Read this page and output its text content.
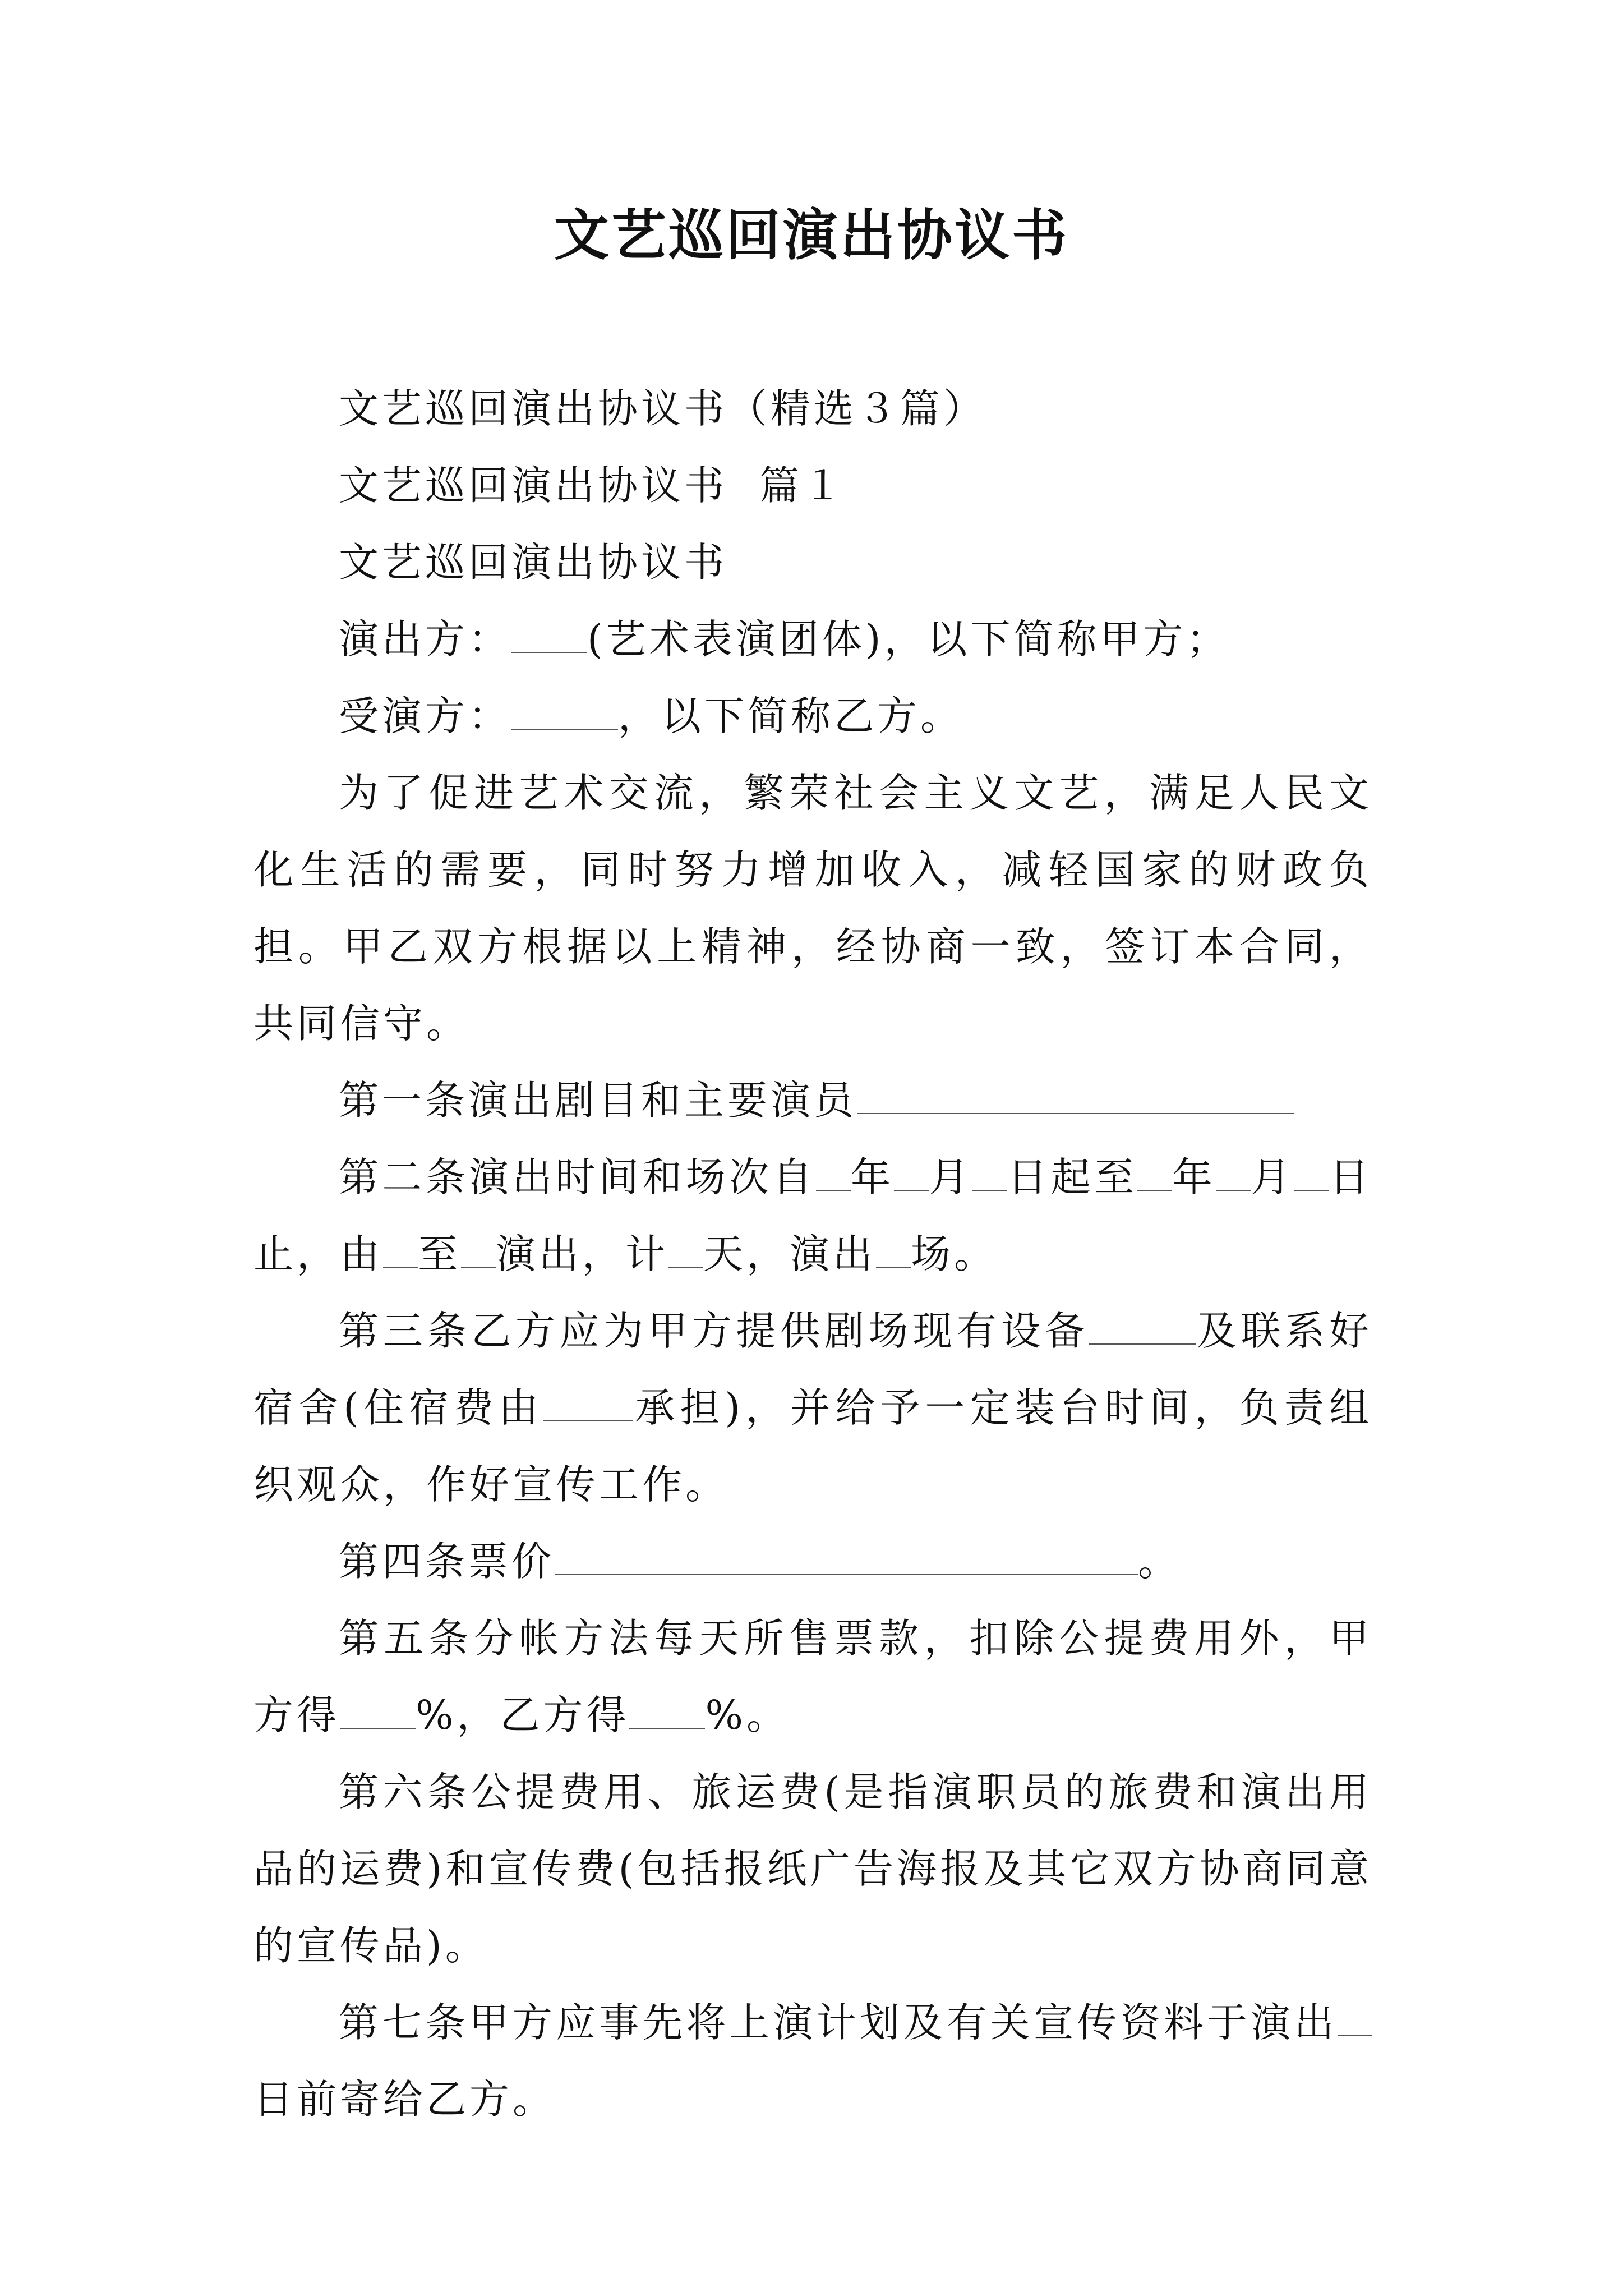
文艺巡回演出协议书

文艺巡回演出协议书（精选３篇）

文艺巡回演出协议书  篇１

文艺巡回演出协议书

演出方： (艺术表演团体)，以下简称甲方；

受演方：	，以下简称乙方。

为了促进艺术交流，繁荣社会主义文艺，满足人民文化生活的需要，同时努力增加收入，减轻国家的财政负担。甲乙双方根据以上精神，经协商一致，签订本合同，共同信守。

第一条演出剧目和主要演员

第二条演出时间和场次自 年 月 日起至 年 月 日止，由 至 演出，计 天，演出 场。

第三条乙方应为甲方提供剧场现有设备	及联系好宿舍(住宿费由 承担)，并给予一定装台时间，负责组织观众，作好宣传工作。

第四条票价	。

第五条分帐方法每天所售票款，扣除公提费用外，甲方得 %，乙方得 %。

第六条公提费用、旅运费(是指演职员的旅费和演出用品的运费)和宣传费(包括报纸广告海报及其它双方协商同意的宣传品)。

第七条甲方应事先将上演计划及有关宣传资料于演出日前寄给乙方。
